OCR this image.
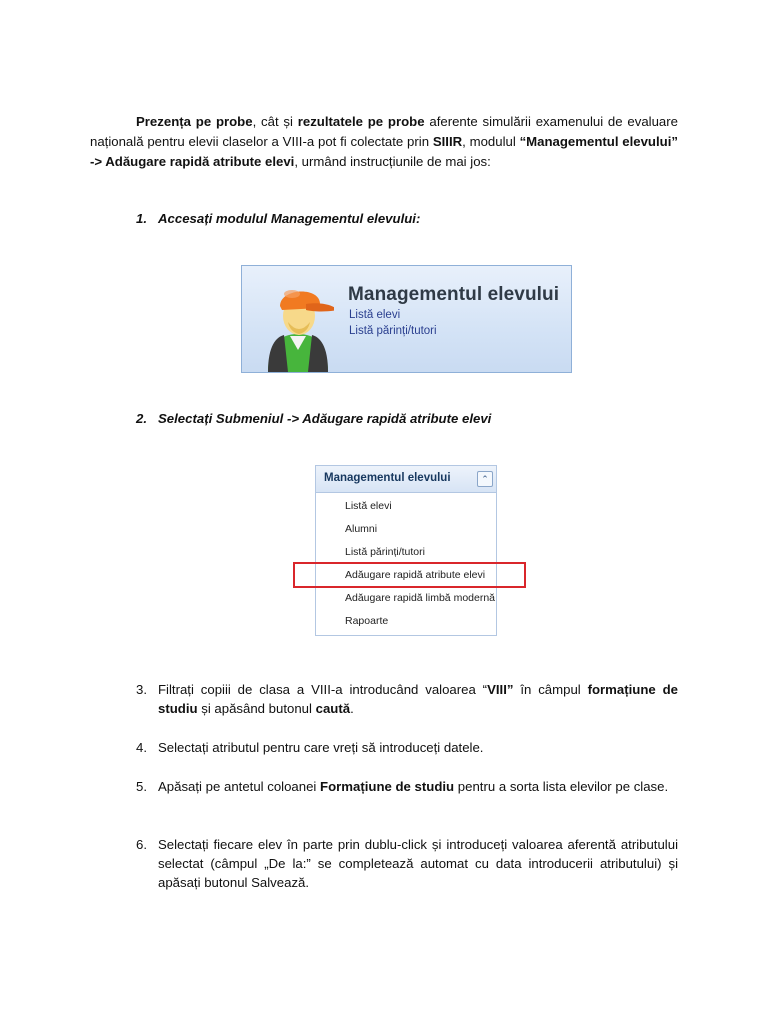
Prezența pe probe, cât și rezultatele pe probe aferente simulării examenului de evaluare națională pentru elevii claselor a VIII-a pot fi colectate prin SIIIR, modulul “Managementul elevului” -> Adăugare rapidă atribute elevi, urmând instrucțiunile de mai jos:

1. Accesați modulul Managementul elevului:
Managementul elevului
Listă elevi
Listă părinți/tutori
2. Selectați Submeniul -> Adăugare rapidă atribute elevi
Managementul elevului	⌃
Listă elevi
Alumni
Listă părinți/tutori
Adăugare rapidă atribute elevi
Adăugare rapidă limbă modernă
Rapoarte
3. Filtrați copiii de clasa a VIII-a introducând valoarea “VIII” în câmpul formațiune de studiu și apăsând butonul caută.
4. Selectați atributul pentru care vreți să introduceți datele.
5. Apăsați pe antetul coloanei Formațiune de studiu pentru a sorta lista elevilor pe clase.
6. Selectați fiecare elev în parte prin dublu-click și introduceți valoarea aferentă atributului selectat (câmpul „De la:” se completează automat cu data introducerii atributului) și apăsați butonul Salvează.
